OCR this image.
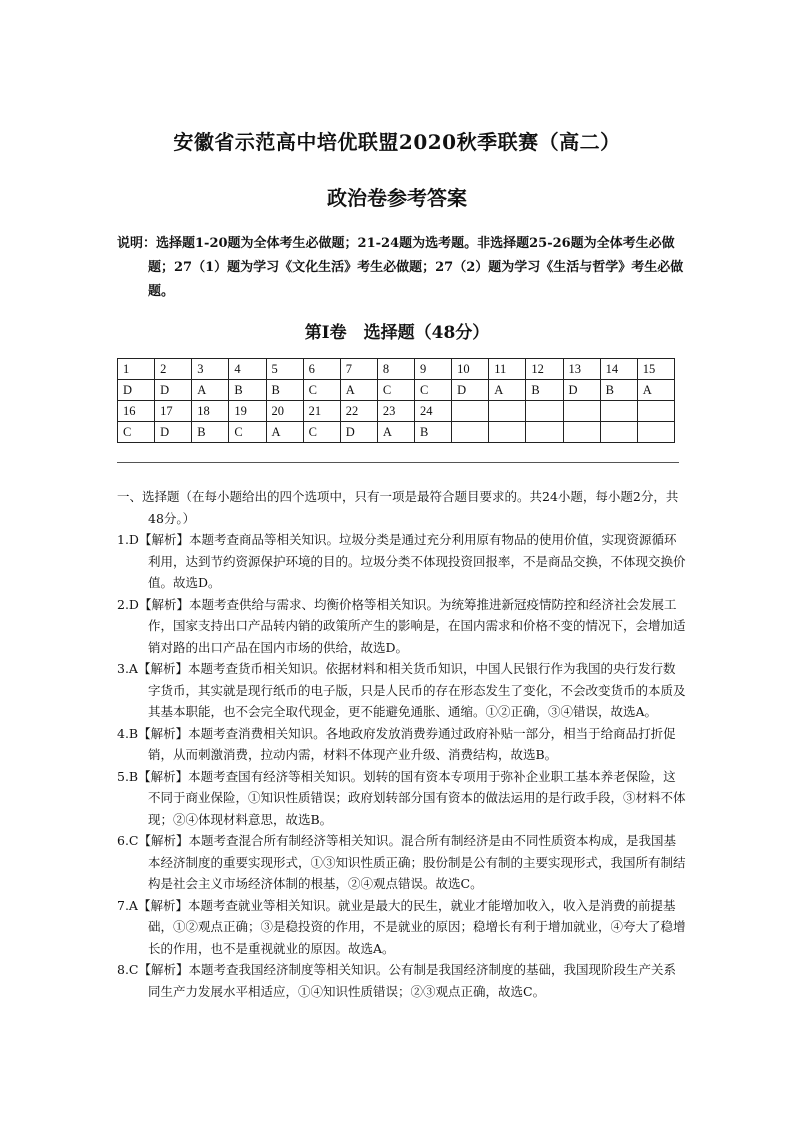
安徽省示范高中培优联盟2020秋季联赛（高二）
政治卷参考答案
说明：选择题1-20题为全体考生必做题；21-24题为选考题。非选择题25-26题为全体考生必做题；27（1）题为学习《文化生活》考生必做题；27（2）题为学习《生活与哲学》考生必做题。
第Ⅰ卷　选择题（48分）
1	2	3	4	5	6	7	8	9	10	11	12	13	14	15
D	D	A	B	B	C	A	C	C	D	A	B	D	B	A
16	17	18	19	20	21	22	23	24						
C	D	B	C	A	C	D	A	B						
一、选择题（在每小题给出的四个选项中，只有一项是最符合题目要求的。共24小题，每小题2分，共48分。）
1.D【解析】本题考查商品等相关知识。垃圾分类是通过充分利用原有物品的使用价值，实现资源循环利用，达到节约资源保护环境的目的。垃圾分类不体现投资回报率，不是商品交换，不体现交换价值。故选D。
2.D【解析】本题考查供给与需求、均衡价格等相关知识。为统筹推进新冠疫情防控和经济社会发展工作，国家支持出口产品转内销的政策所产生的影响是，在国内需求和价格不变的情况下，会增加适销对路的出口产品在国内市场的供给，故选D。
3.A【解析】本题考查货币相关知识。依据材料和相关货币知识，中国人民银行作为我国的央行发行数字货币，其实就是现行纸币的电子版，只是人民币的存在形态发生了变化，不会改变货币的本质及其基本职能，也不会完全取代现金，更不能避免通胀、通缩。①②正确，③④错误，故选A。
4.B【解析】本题考查消费相关知识。各地政府发放消费券通过政府补贴一部分，相当于给商品打折促销，从而刺激消费，拉动内需，材料不体现产业升级、消费结构，故选B。
5.B【解析】本题考查国有经济等相关知识。划转的国有资本专项用于弥补企业职工基本养老保险，这不同于商业保险，①知识性质错误；政府划转部分国有资本的做法运用的是行政手段，③材料不体现；②④体现材料意思，故选B。
6.C【解析】本题考查混合所有制经济等相关知识。混合所有制经济是由不同性质资本构成，是我国基本经济制度的重要实现形式，①③知识性质正确；股份制是公有制的主要实现形式，我国所有制结构是社会主义市场经济体制的根基，②④观点错误。故选C。
7.A【解析】本题考查就业等相关知识。就业是最大的民生，就业才能增加收入，收入是消费的前提基础，①②观点正确；③是稳投资的作用，不是就业的原因；稳增长有利于增加就业，④夸大了稳增长的作用，也不是重视就业的原因。故选A。
8.C【解析】本题考查我国经济制度等相关知识。公有制是我国经济制度的基础，我国现阶段生产关系同生产力发展水平相适应，①④知识性质错误；②③观点正确，故选C。
